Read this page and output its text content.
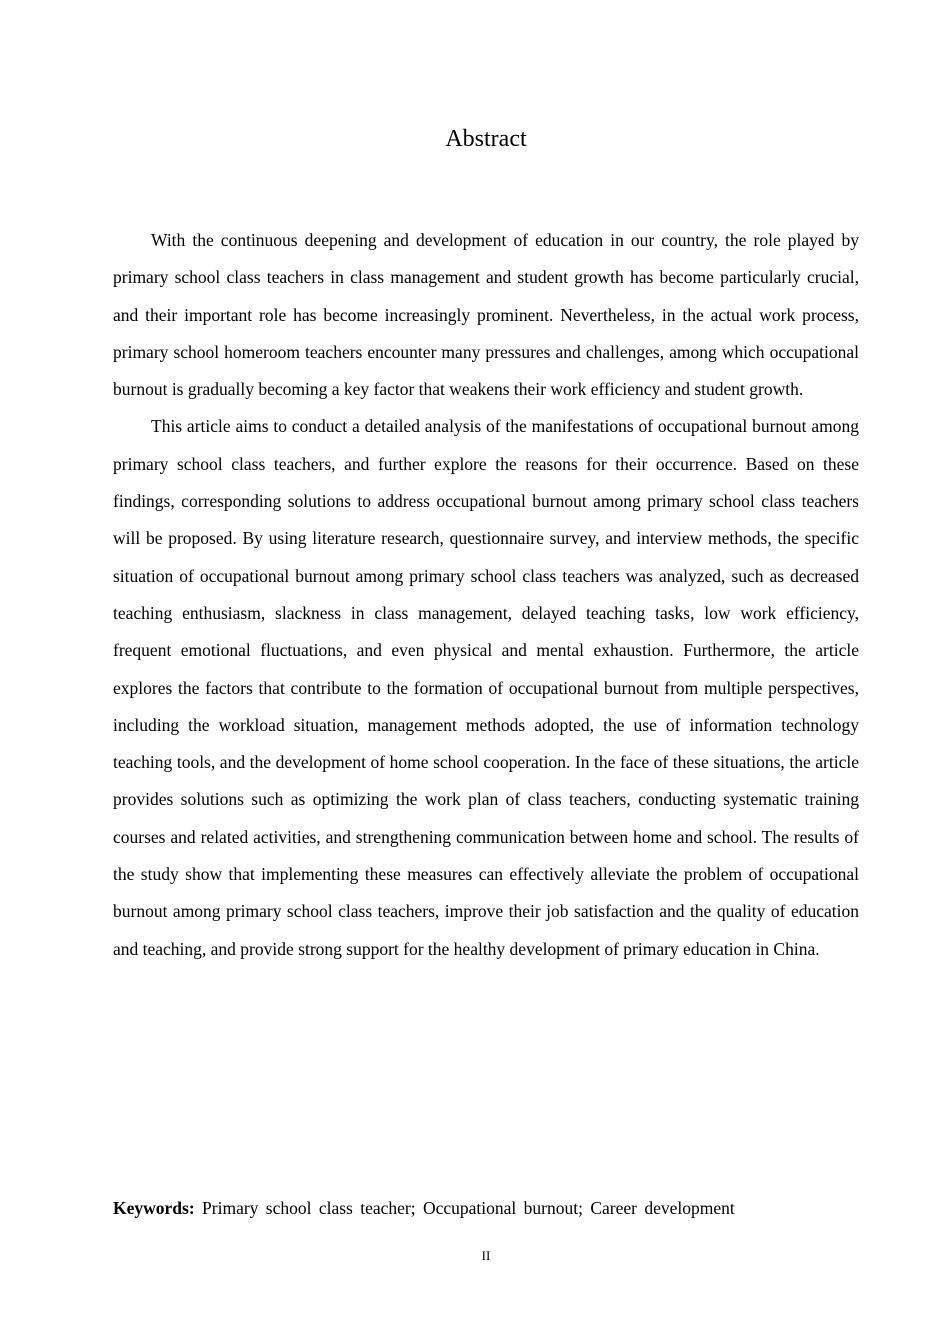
Abstract

With the continuous deepening and development of education in our country, the role played by primary school class teachers in class management and student growth has become particularly crucial, and their important role has become increasingly prominent. Nevertheless, in the actual work process, primary school homeroom teachers encounter many pressures and challenges, among which occupational burnout is gradually becoming a key factor that weakens their work efficiency and student growth.

This article aims to conduct a detailed analysis of the manifestations of occupational burnout among primary school class teachers, and further explore the reasons for their occurrence. Based on these findings, corresponding solutions to address occupational burnout among primary school class teachers will be proposed. By using literature research, questionnaire survey, and interview methods, the specific situation of occupational burnout among primary school class teachers was analyzed, such as decreased teaching enthusiasm, slackness in class management, delayed teaching tasks, low work efficiency, frequent emotional fluctuations, and even physical and mental exhaustion. Furthermore, the article explores the factors that contribute to the formation of occupational burnout from multiple perspectives, including the workload situation, management methods adopted, the use of information technology teaching tools, and the development of home school cooperation. In the face of these situations, the article provides solutions such as optimizing the work plan of class teachers, conducting systematic training courses and related activities, and strengthening communication between home and school. The results of the study show that implementing these measures can effectively alleviate the problem of occupational burnout among primary school class teachers, improve their job satisfaction and the quality of education and teaching, and provide strong support for the healthy development of primary education in China.

Keywords: Primary school class teacher; Occupational burnout; Career development

II
